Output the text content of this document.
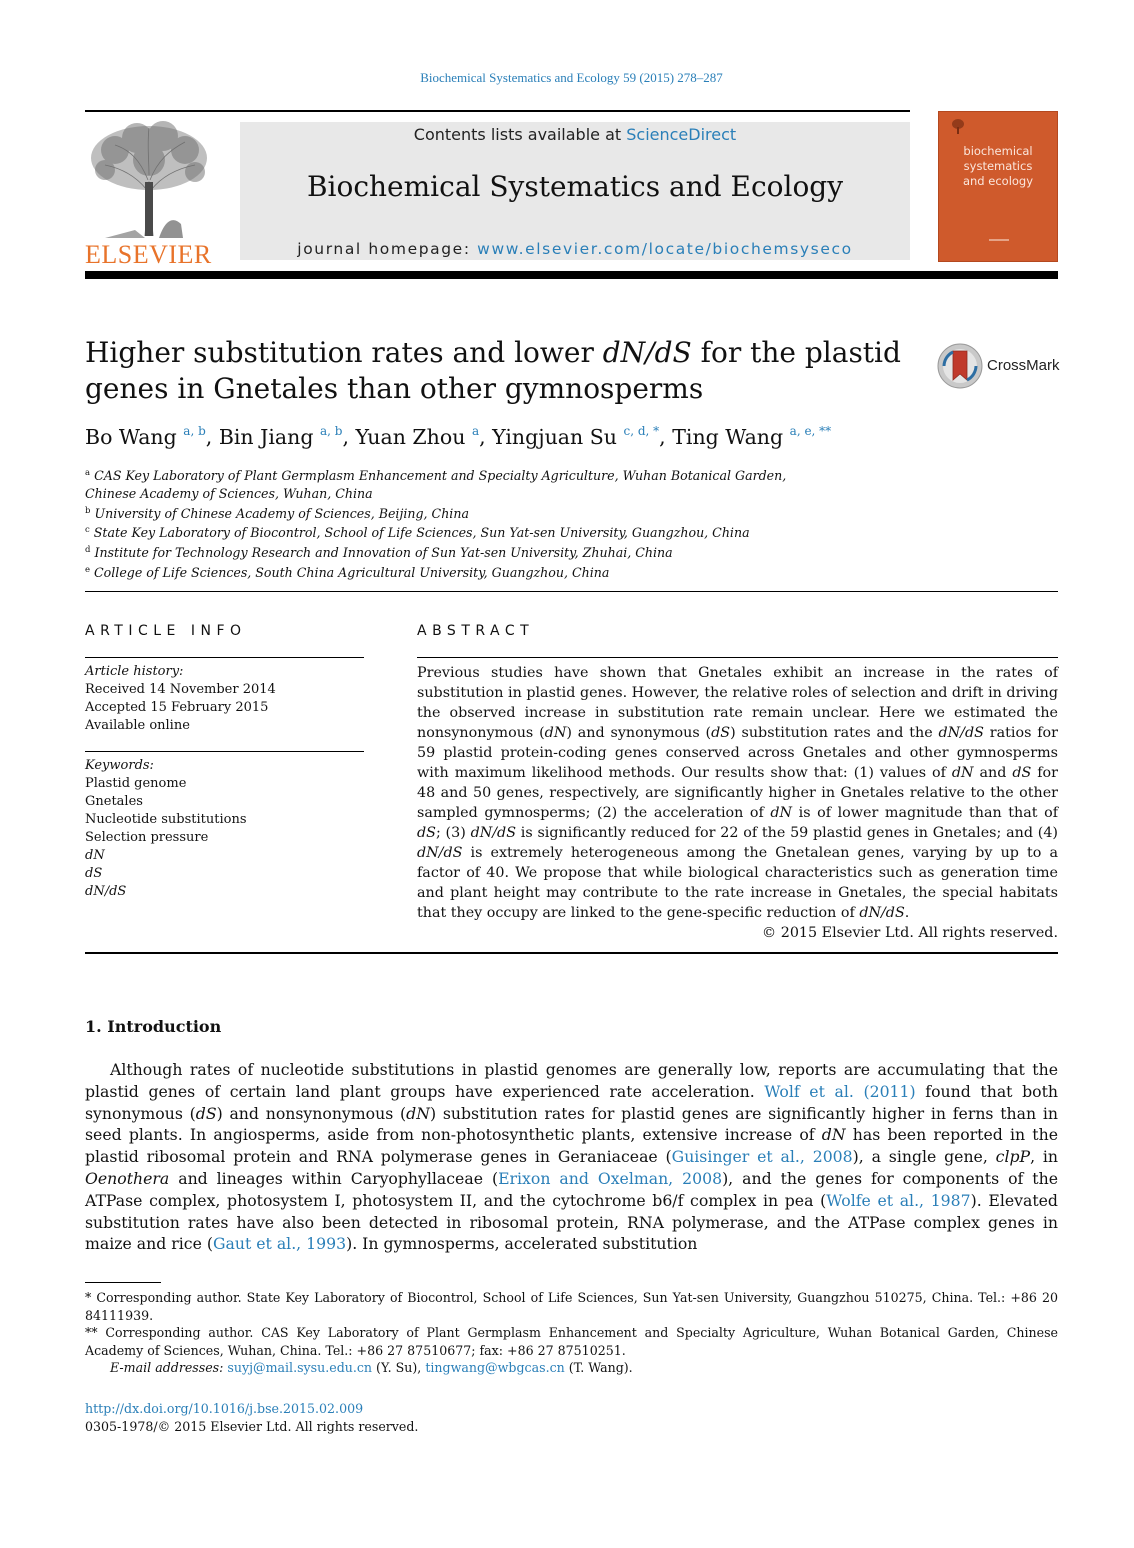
Biochemical Systematics and Ecology 59 (2015) 278–287
ELSEVIER
Contents lists available at ScienceDirect
Biochemical Systematics and Ecology
journal homepage: www.elsevier.com/locate/biochemsyseco
biochemical
systematics
and ecology
Higher substitution rates and lower dN/dS for the plastid genes in Gnetales than other gymnosperms
CrossMark
Bo Wang $^{a, b}$, Bin Jiang $^{a, b}$, Yuan Zhou $^a$, Yingjuan Su $^{c, d, *}$, Ting Wang $^{a, e, **}$
$^a$ CAS Key Laboratory of Plant Germplasm Enhancement and Specialty Agriculture, Wuhan Botanical Garden,
Chinese Academy of Sciences, Wuhan, China
$^b$ University of Chinese Academy of Sciences, Beijing, China
$^c$ State Key Laboratory of Biocontrol, School of Life Sciences, Sun Yat-sen University, Guangzhou, China
$^d$ Institute for Technology Research and Innovation of Sun Yat-sen University, Zhuhai, China
$^e$ College of Life Sciences, South China Agricultural University, Guangzhou, China
ARTICLE INFO	ABSTRACT
Article history:
Received 14 November 2014
Accepted 15 February 2015
Available online
Keywords:
Plastid genome
Gnetales
Nucleotide substitutions
Selection pressure
dN
dS
dN/dS
Previous studies have shown that Gnetales exhibit an increase in the rates of substitution in plastid genes. However, the relative roles of selection and drift in driving the observed increase in substitution rate remain unclear. Here we estimated the nonsynonymous (dN) and synonymous (dS) substitution rates and the dN/dS ratios for 59 plastid protein-coding genes conserved across Gnetales and other gymnosperms with maximum likelihood methods. Our results show that: (1) values of dN and dS for 48 and 50 genes, respectively, are significantly higher in Gnetales relative to the other sampled gymnosperms; (2) the acceleration of dN is of lower magnitude than that of dS; (3) dN/dS is significantly reduced for 22 of the 59 plastid genes in Gnetales; and (4) dN/dS is extremely heterogeneous among the Gnetalean genes, varying by up to a factor of 40. We propose that while biological characteristics such as generation time and plant height may contribute to the rate increase in Gnetales, the special habitats that they occupy are linked to the gene-specific reduction of dN/dS.
© 2015 Elsevier Ltd. All rights reserved.
1. Introduction
Although rates of nucleotide substitutions in plastid genomes are generally low, reports are accumulating that the plastid genes of certain land plant groups have experienced rate acceleration. Wolf et al. (2011) found that both synonymous (dS) and nonsynonymous (dN) substitution rates for plastid genes are significantly higher in ferns than in seed plants. In angiosperms, aside from non-photosynthetic plants, extensive increase of dN has been reported in the plastid ribosomal protein and RNA polymerase genes in Geraniaceae (Guisinger et al., 2008), a single gene, clpP, in Oenothera and lineages within Caryophyllaceae (Erixon and Oxelman, 2008), and the genes for components of the ATPase complex, photosystem I, photosystem II, and the cytochrome b6/f complex in pea (Wolfe et al., 1987). Elevated substitution rates have also been detected in ribosomal protein, RNA polymerase, and the ATPase complex genes in maize and rice (Gaut et al., 1993). In gymnosperms, accelerated substitution
* Corresponding author. State Key Laboratory of Biocontrol, School of Life Sciences, Sun Yat-sen University, Guangzhou 510275, China. Tel.: +86 20 84111939.
** Corresponding author. CAS Key Laboratory of Plant Germplasm Enhancement and Specialty Agriculture, Wuhan Botanical Garden, Chinese Academy of Sciences, Wuhan, China. Tel.: +86 27 87510677; fax: +86 27 87510251.
E-mail addresses: suyj@mail.sysu.edu.cn (Y. Su), tingwang@wbgcas.cn (T. Wang).
http://dx.doi.org/10.1016/j.bse.2015.02.009
0305-1978/© 2015 Elsevier Ltd. All rights reserved.
